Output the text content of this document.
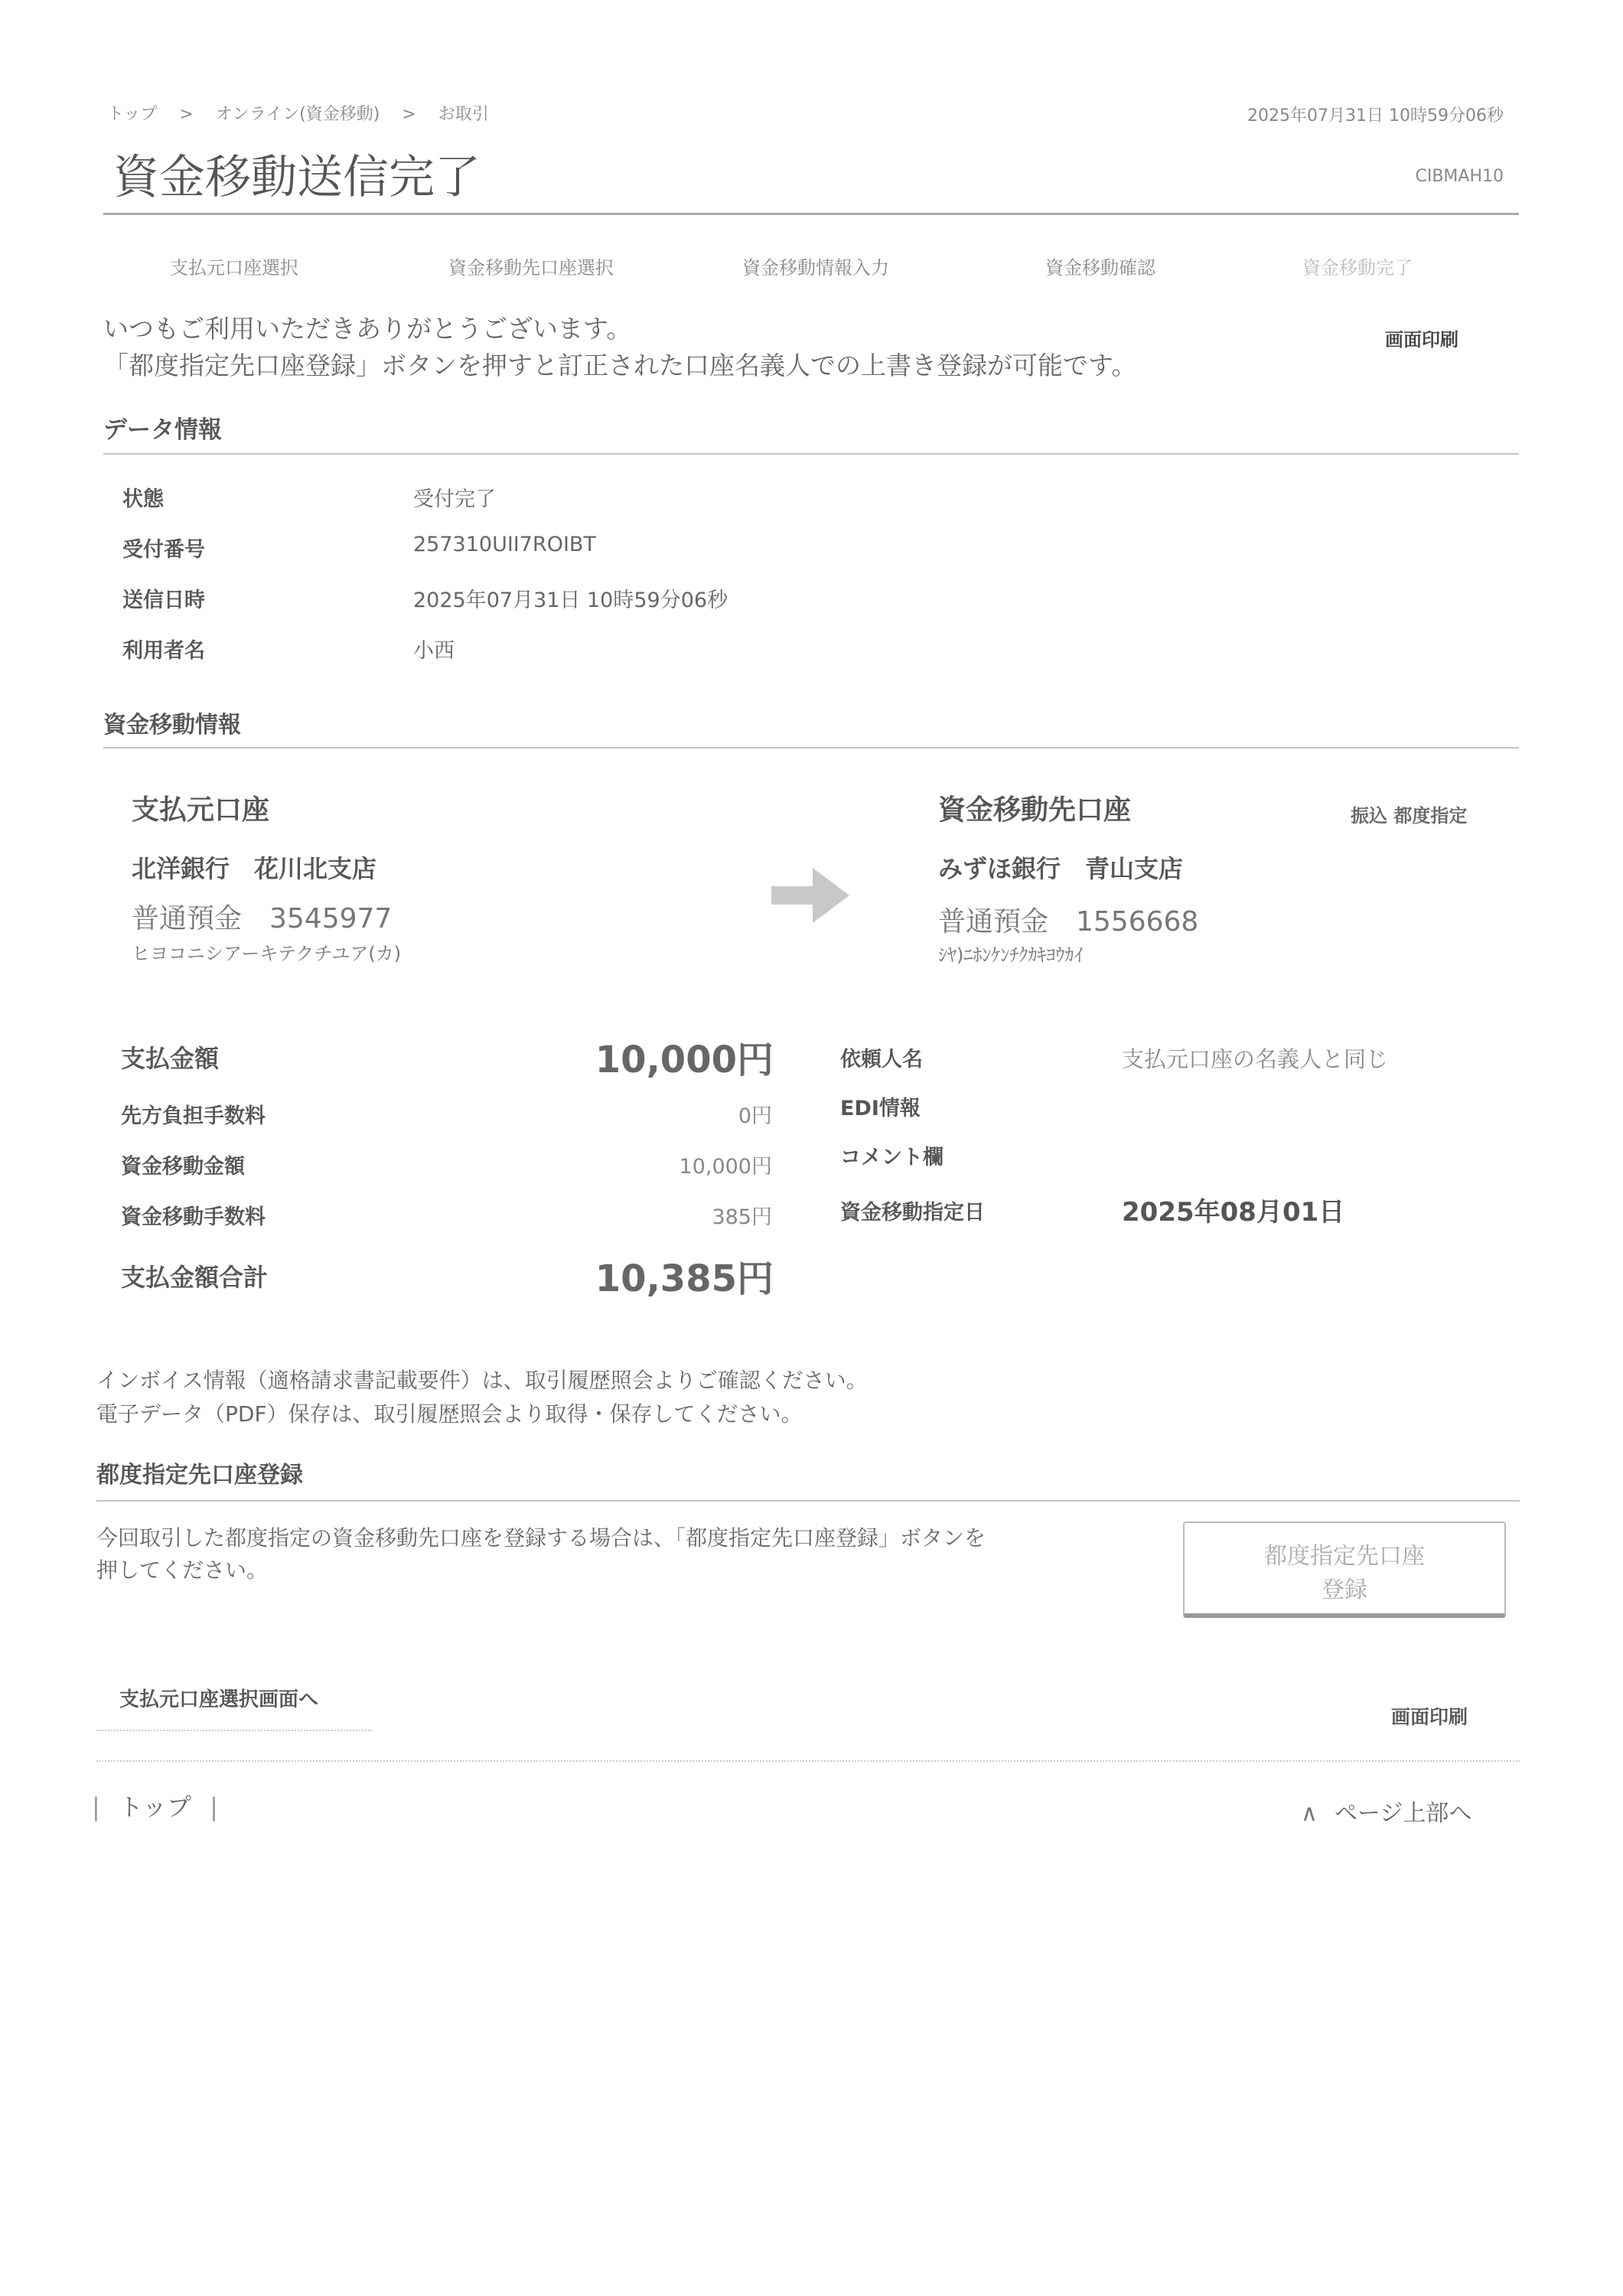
トップ > オンライン(資金移動) > お取引	2025年07月31日 10時59分06秒
資金移動送信完了	CIBMAH10
支払元口座選択	資金移動先口座選択	資金移動情報入力	資金移動確認	資金移動完了
いつもご利用いただきありがとうございます。
「都度指定先口座登録」ボタンを押すと訂正された口座名義人での上書き登録が可能です。
画面印刷
データ情報
状態	受付完了
受付番号	257310UII7ROIBT
送信日時	2025年07月31日 10時59分06秒
利用者名	小西
資金移動情報
支払元口座
北洋銀行　花川北支店
普通預金　3545977
ヒヨコニシアーキテクチユア(カ)
資金移動先口座	振込 都度指定
みずほ銀行　青山支店
普通預金　1556668
ｼﾔ)ﾆﾎﾝｹﾝﾁｸｶｷﾖｳｶｲ
支払金額	10,000円
先方負担手数料	0円
資金移動金額	10,000円
資金移動手数料	385円
支払金額合計	10,385円
依頼人名	支払元口座の名義人と同じ
EDI情報
コメント欄
資金移動指定日	2025年08月01日
インボイス情報（適格請求書記載要件）は、取引履歴照会よりご確認ください。
電子データ（PDF）保存は、取引履歴照会より取得・保存してください。
都度指定先口座登録
今回取引した都度指定の資金移動先口座を登録する場合は、「都度指定先口座登録」ボタンを
押してください。
都度指定先口座
登録
支払元口座選択画面へ
画面印刷
| トップ |	∧ ページ上部へ
